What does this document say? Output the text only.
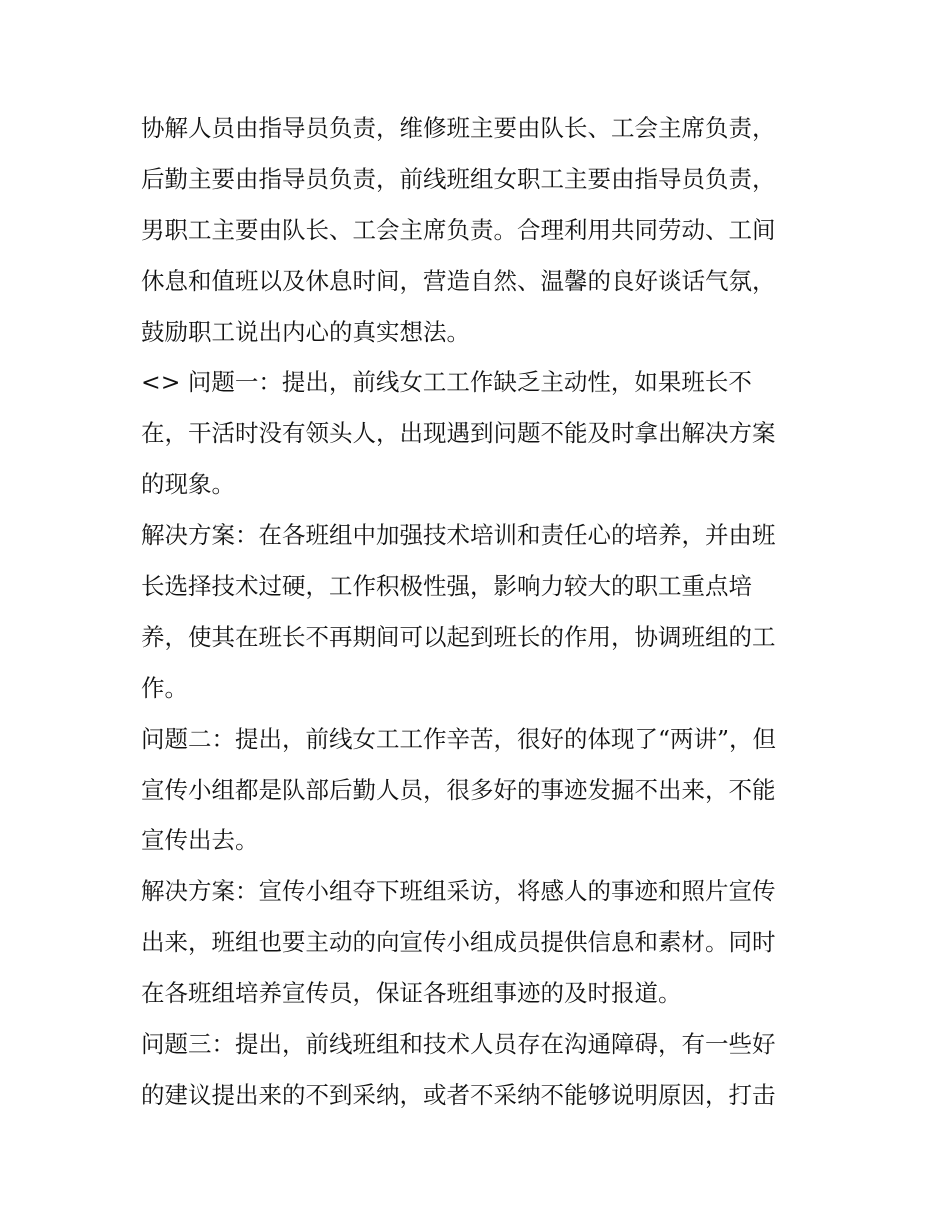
协解人员由指导员负责，维修班主要由队长、工会主席负责，
后勤主要由指导员负责，前线班组女职工主要由指导员负责，
男职工主要由队长、工会主席负责。合理利用共同劳动、工间
休息和值班以及休息时间，营造自然、温馨的良好谈话气氛，
鼓励职工说出内心的真实想法。
<> 问题一：提出，前线女工工作缺乏主动性，如果班长不
在，干活时没有领头人，出现遇到问题不能及时拿出解决方案
的现象。
解决方案：在各班组中加强技术培训和责任心的培养，并由班
长选择技术过硬，工作积极性强，影响力较大的职工重点培
养，使其在班长不再期间可以起到班长的作用，协调班组的工
作。
问题二：提出，前线女工工作辛苦，很好的体现了“两讲”，但
宣传小组都是队部后勤人员，很多好的事迹发掘不出来，不能
宣传出去。
解决方案：宣传小组夺下班组采访，将感人的事迹和照片宣传
出来，班组也要主动的向宣传小组成员提供信息和素材。同时
在各班组培养宣传员，保证各班组事迹的及时报道。
问题三：提出，前线班组和技术人员存在沟通障碍，有一些好
的建议提出来的不到采纳，或者不采纳不能够说明原因，打击
